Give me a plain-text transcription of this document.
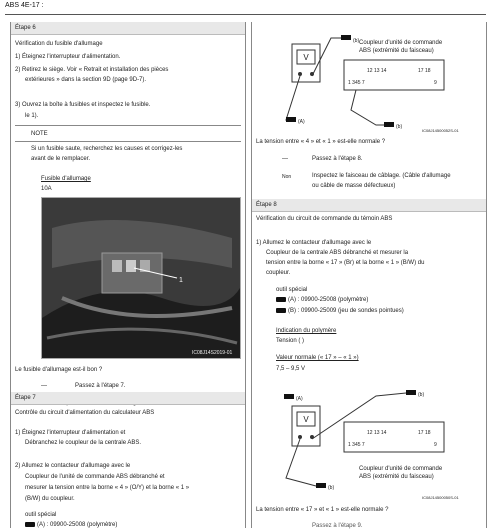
ABS 4E-17 :
Étape 6
Vérification du fusible d'allumage
1) Éteignez l'interrupteur d'alimentation.
2) Retirez le siège. Voir « Retrait et installation des pièces
extérieures » dans la section 9D (page 9D-7).
3) Ouvrez la boîte à fusibles et inspectez le fusible.
le 1).
NOTE
Si un fusible saute, recherchez les causes et corrigez-les
avant de le remplacer.
Fusible d'allumage
10A
1
IC08J14S2019-01
Le fusible d'allumage est-il bon ?
—	Passez à l'étape 7.
Étape 7
Contrôle du circuit d'alimentation du calculateur ABS
1) Éteignez l'interrupteur d'alimentation et
Débranchez le coupleur de la centrale ABS.
2) Allumez le contacteur d'allumage avec le
Coupleur de l'unité de commande ABS débranché et
mesurer la tension entre la borne « 4 » (O/Y) et la borne « 1 »
(B/W) du coupleur.
outil spécial
(A) : 09900-25008 (polymètre)
V
(b)
(A)
Coupleur d'unité de commande
ABS (extrémité du faisceau)
12 13 14	17 18
1 345 7	9
(b)
IC08J14500052S-01
La tension entre « 4 » et « 1 » est-elle normale ?
—	Passez à l'étape 8.
Non	Inspectez le faisceau de câblage. (Câble d'allumage
ou câble de masse défectueux)
Étape 8
Vérification du circuit de commande du témoin ABS
1) Allumez le contacteur d'allumage avec le
Coupleur de la centrale ABS débranché et mesurer la
tension entre la borne « 17 » (Br) et la borne « 1 » (B/W) du
coupleur.
outil spécial
(A) : 09900-25008 (polymètre)
(B) : 09900-25009 (jeu de sondes pointues)
Indication du polymère
Tension ( )
Valeur normale (« 17 » – « 1 »)
7,5 – 9,5 V
V
(A)
(b)
12 13 14	17 18
1 345 7	9
Coupleur d'unité de commande
ABS (extrémité du faisceau)
(b)
IC08J14500050S-01
La tension entre « 17 » et « 1 » est-elle normale ?
Passez à l'étape 9.
